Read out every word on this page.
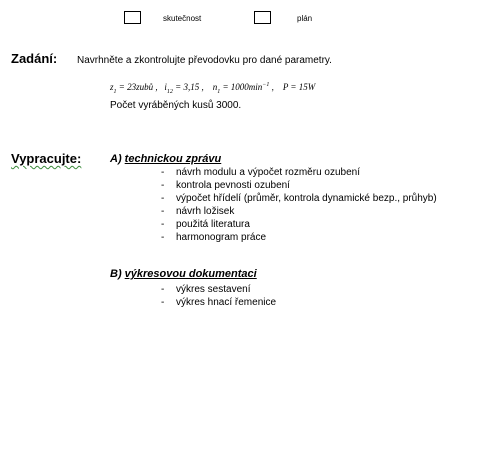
skutečnost	plán
Zadání: Navrhněte a zkontrolujte převodovku pro dané parametry.
$z_1$ = 23zubů ,   $i_{12} = 3,15$ ,    $n_1 = 1000\min^{-1}$ ,    P = 15W
Počet vyráběných kusů 3000.
Vypracujte:	A) technickou zprávu
- návrh modulu a výpočet rozměru ozubení
- kontrola pevnosti ozubení
- výpočet hřídelí (průměr, kontrola dynamické bezp., průhyb)
- návrh ložisek
- použitá literatura
- harmonogram práce
B) výkresovou dokumentaci
- výkres sestavení
- výkres hnací řemenice
